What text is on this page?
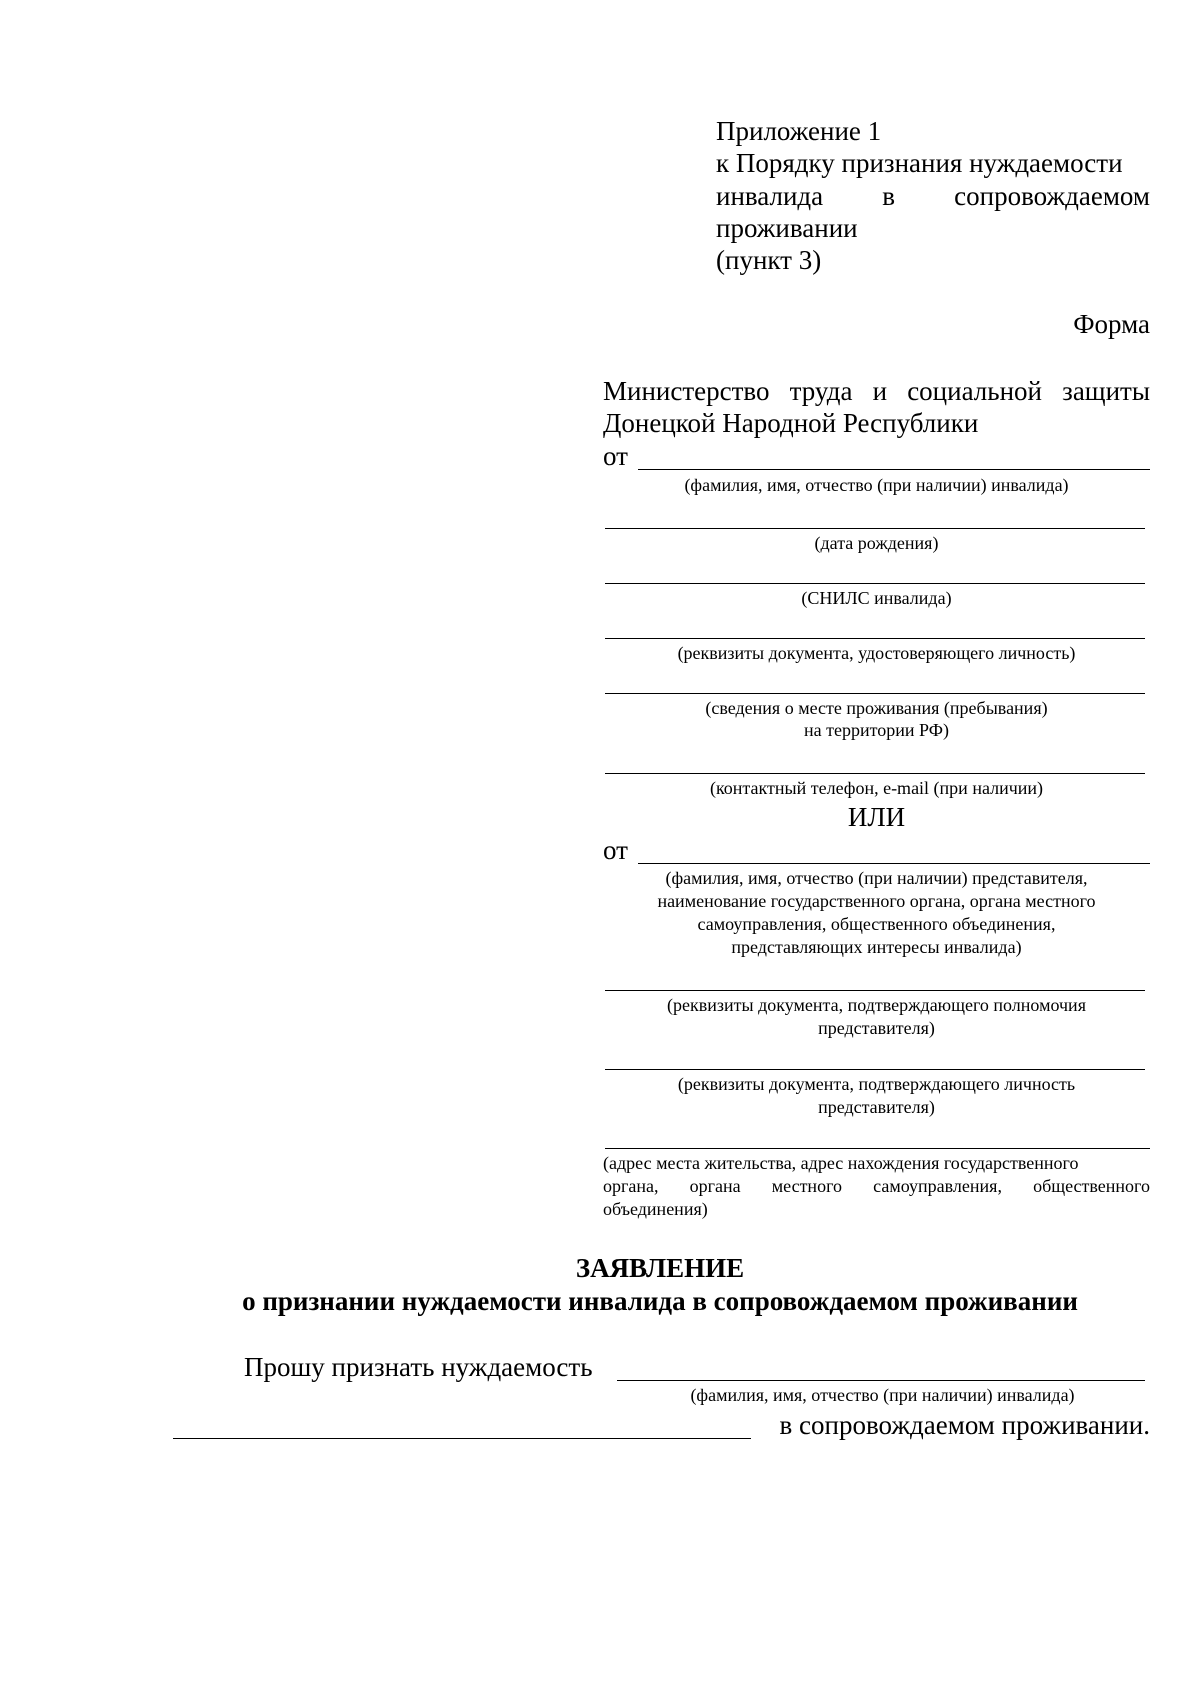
Приложение 1
к Порядку признания нуждаемости
инвалида в сопровождаемом
проживании
(пункт 3)
Форма
Министерство труда и социальной защиты
Донецкой Народной Республики
от
(фамилия, имя, отчество (при наличии) инвалида)
(дата рождения)
(СНИЛС инвалида)
(реквизиты документа, удостоверяющего личность)
(сведения о месте проживания (пребывания)
на территории РФ)
(контактный телефон, e-mail (при наличии)
ИЛИ
от
(фамилия, имя, отчество (при наличии) представителя,
наименование государственного органа, органа местного
самоуправления, общественного объединения,
представляющих интересы инвалида)
(реквизиты документа, подтверждающего полномочия
представителя)
(реквизиты документа, подтверждающего личность
представителя)
(адрес места жительства, адрес нахождения государственного
органа, органа местного самоуправления, общественного
объединения)
ЗАЯВЛЕНИЕ
о признании нуждаемости инвалида в сопровождаемом проживании
Прошу признать нуждаемость
(фамилия, имя, отчество (при наличии) инвалида)
в сопровождаемом проживании.
